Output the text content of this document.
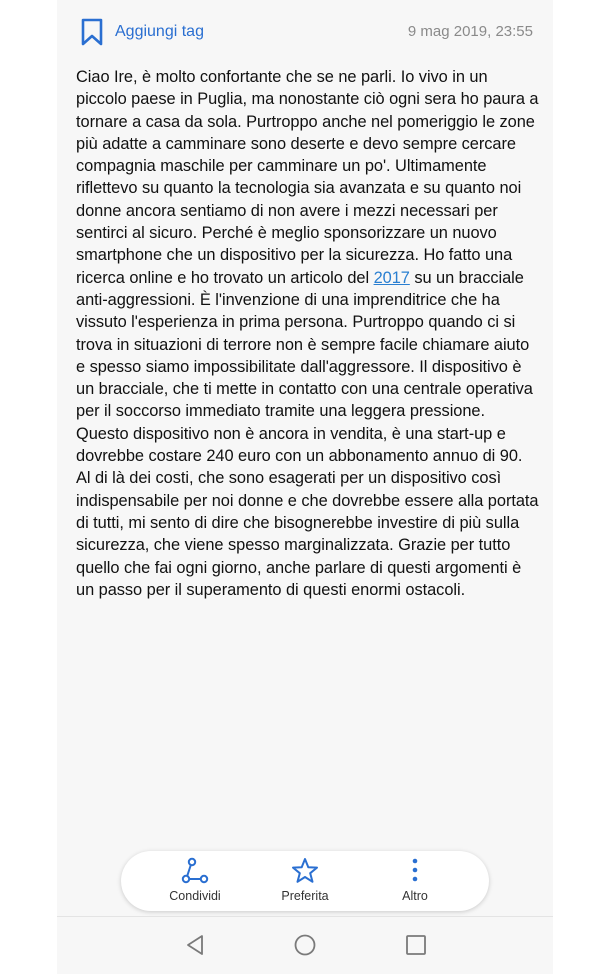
Aggiungi tag	9 mag 2019, 23:55

Ciao Ire, è molto confortante che se ne parli. Io vivo in un piccolo paese in Puglia, ma nonostante ciò ogni sera ho paura a tornare a casa da sola. Purtroppo anche nel pomeriggio le zone più adatte a camminare sono deserte e devo sempre cercare compagnia maschile per camminare un po'. Ultimamente riflettevo su quanto la tecnologia sia avanzata e su quanto noi donne ancora sentiamo di non avere i mezzi necessari per sentirci al sicuro. Perché è meglio sponsorizzare un nuovo smartphone che un dispositivo per la sicurezza. Ho fatto una ricerca online e ho trovato un articolo del 2017 su un bracciale anti-aggressioni. È l'invenzione di una imprenditrice che ha vissuto l'esperienza in prima persona. Purtroppo quando ci si trova in situazioni di terrore non è sempre facile chiamare aiuto e spesso siamo impossibilitate dall'aggressore. Il dispositivo è un bracciale, che ti mette in contatto con una centrale operativa per il soccorso immediato tramite una leggera pressione.

Questo dispositivo non è ancora in vendita, è una start-up e dovrebbe costare 240 euro con un abbonamento annuo di 90.

Al di là dei costi, che sono esagerati per un dispositivo così indispensabile per noi donne e che dovrebbe essere alla portata di tutti, mi sento di dire che bisognerebbe investire di più sulla sicurezza, che viene spesso marginalizzata. Grazie per tutto quello che fai ogni giorno, anche parlare di questi argomenti è un passo per il superamento di questi enormi ostacoli.

Condividi	Preferita	Altro
